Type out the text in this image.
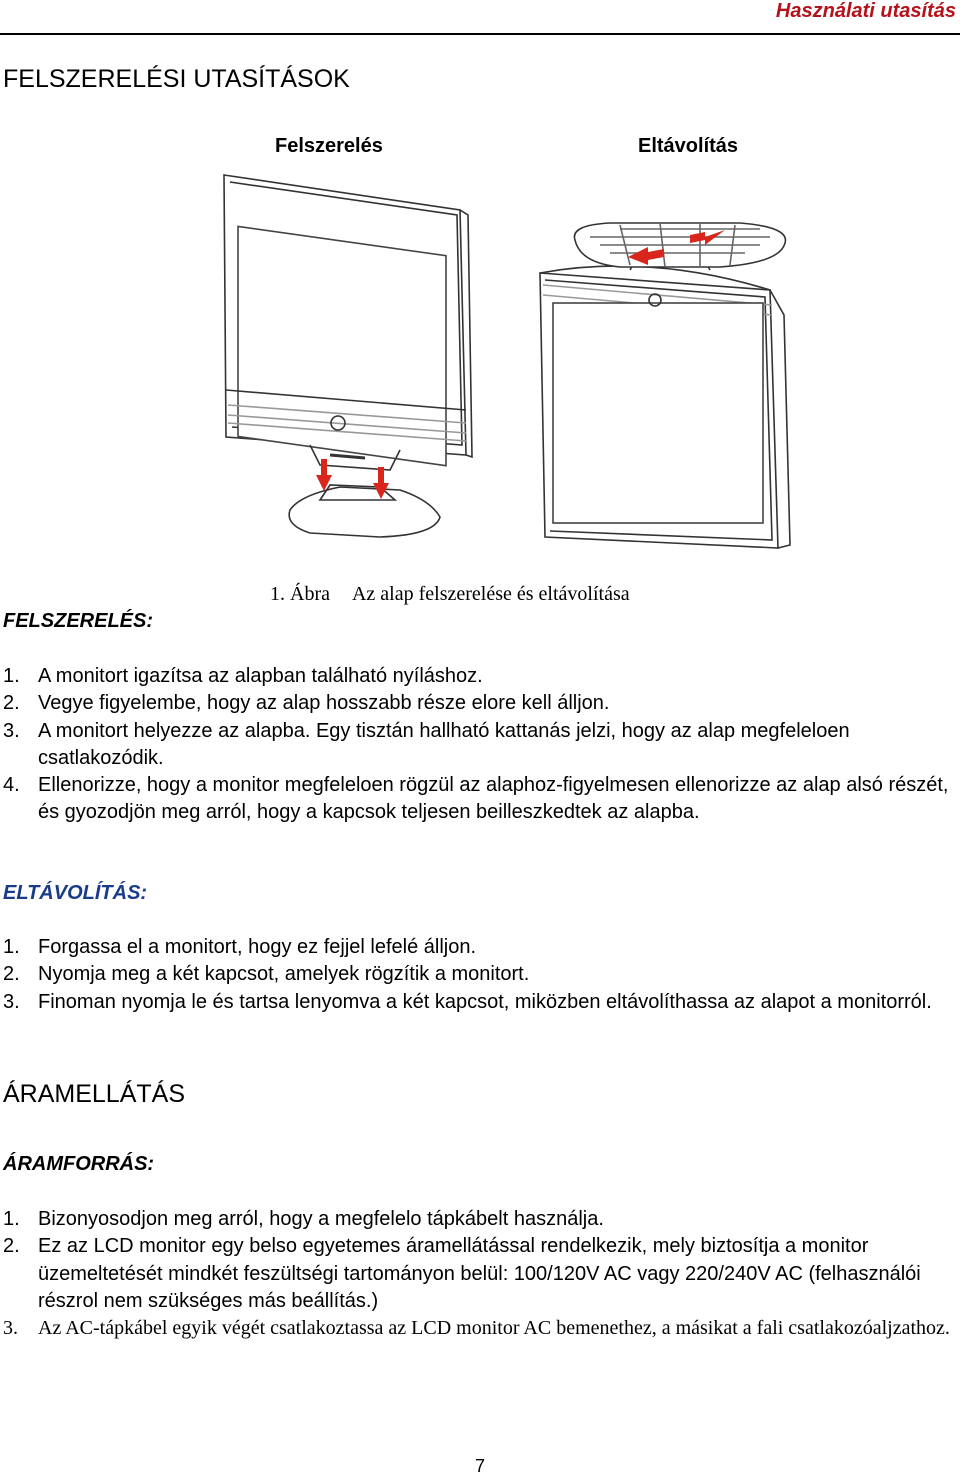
Használati utasítás
FELSZERELÉSI UTASÍTÁSOK
Felszerelés	Eltávolítás
1. Ábra Az alap felszerelése és eltávolítása
FELSZERELÉS:
1. A monitort igazítsa az alapban található nyíláshoz.
2. Vegye figyelembe, hogy az alap hosszabb része elore kell álljon.
3. A monitort helyezze az alapba. Egy tisztán hallható kattanás jelzi, hogy az alap megfeleloen csatlakozódik.
4. Ellenorizze, hogy a monitor megfeleloen rögzül az alaphoz-figyelmesen ellenorizze az alap alsó részét, és gyozodjön meg arról, hogy a kapcsok teljesen beilleszkedtek az alapba.
ELTÁVOLÍTÁS:
1. Forgassa el a monitort, hogy ez fejjel lefelé álljon.
2. Nyomja meg a két kapcsot, amelyek rögzítik a monitort.
3. Finoman nyomja le és tartsa lenyomva a két kapcsot, miközben eltávolíthassa az alapot a monitorról.
ÁRAMELLÁTÁS
ÁRAMFORRÁS:
1. Bizonyosodjon meg arról, hogy a megfelelo tápkábelt használja.
2. Ez az LCD monitor egy belso egyetemes áramellátással rendelkezik, mely biztosítja a monitor üzemeltetését mindkét feszültségi tartományon belül: 100/120V AC vagy 220/240V AC (felhasználói részrol nem szükséges más beállítás.)
3. Az AC-tápkábel egyik végét csatlakoztassa az LCD monitor AC bemenethez, a másikat a fali csatlakozóaljzathoz.
7
